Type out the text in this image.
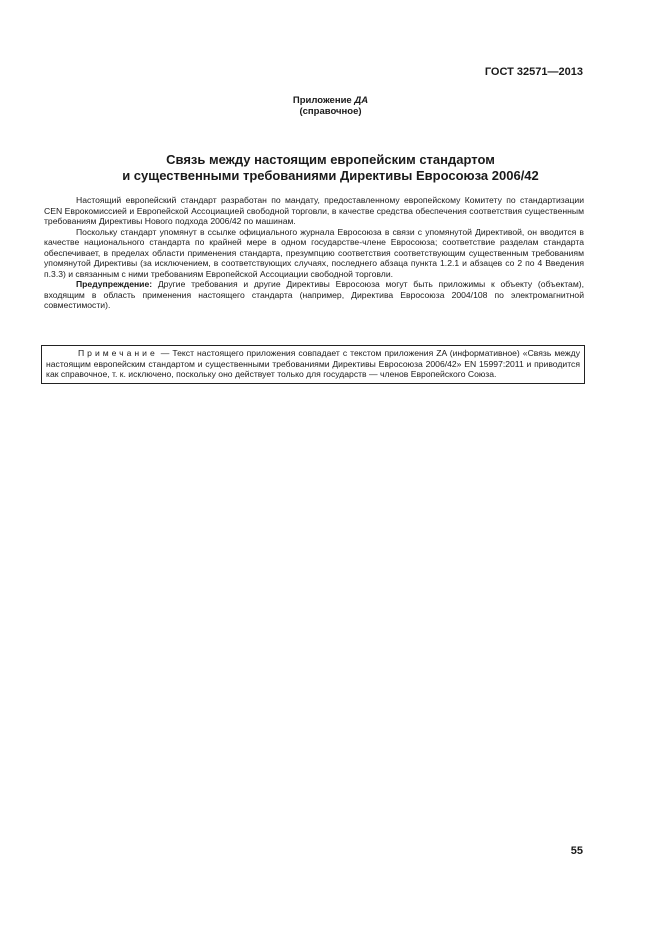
ГОСТ 32571—2013
Приложение ДА
(справочное)
Связь между настоящим европейским стандартом
и существенными требованиями Директивы Евросоюза 2006/42

Настоящий европейский стандарт разработан по мандату, предоставленному европейскому Комитету по стандартизации CEN Еврокомиссией и Европейской Ассоциацией свободной торговли, в качестве средства обеспечения соответствия существенным требованиям Директивы Нового подхода 2006/42 по машинам.

Поскольку стандарт упомянут в ссылке официального журнала Евросоюза в связи с упомянутой Директивой, он вводится в качестве национального стандарта по крайней мере в одном государстве-члене Евросоюза; соответствие разделам стандарта обеспечивает, в пределах области применения стандарта, презумпцию соответствия соответствующим существенным требованиям упомянутой Директивы (за исключением, в соответствующих случаях, последнего абзаца пункта 1.2.1 и абзацев со 2 по 4 Введения п.3.3) и связанным с ними требованиям Европейской Ассоциации свободной торговли.

Предупреждение: Другие требования и другие Директивы Евросоюза могут быть приложимы к объекту (объектам), входящим в область применения настоящего стандарта (например, Директива Евросоюза 2004/108 по электромагнитной совместимости).

Примечание — Текст настоящего приложения совпадает с текстом приложения ZA (информативное) «Связь между настоящим европейским стандартом и существенными требованиями Директивы Евросоюза 2006/42» EN 15997:2011 и приводится как справочное, т. к. исключено, поскольку оно действует только для государств — членов Европейского Союза.

55
